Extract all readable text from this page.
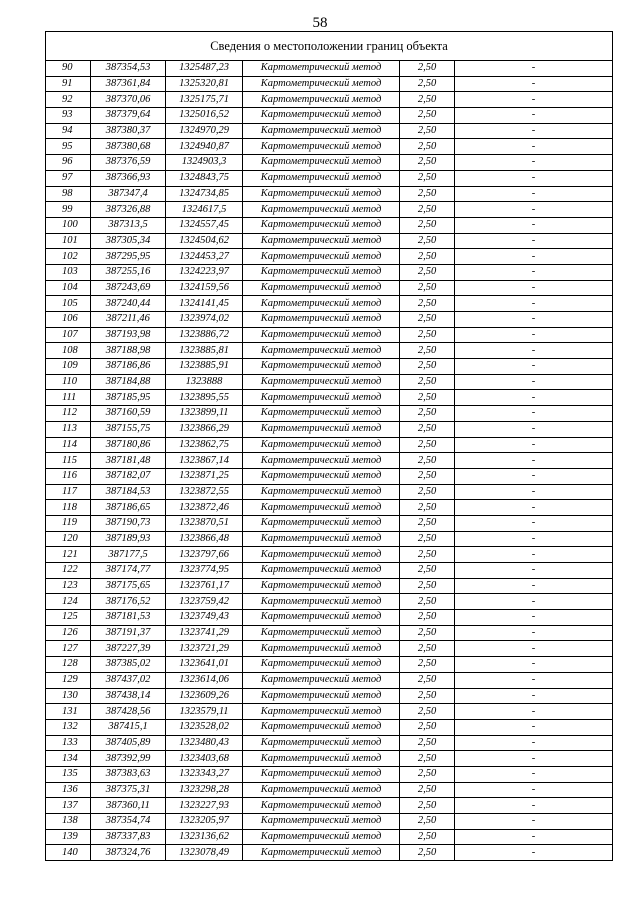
58
Сведения о местоположении границ объекта					
90	387354,53	1325487,23	Картометрический метод	2,50	-
91	387361,84	1325320,81	Картометрический метод	2,50	-
92	387370,06	1325175,71	Картометрический метод	2,50	-
93	387379,64	1325016,52	Картометрический метод	2,50	-
94	387380,37	1324970,29	Картометрический метод	2,50	-
95	387380,68	1324940,87	Картометрический метод	2,50	-
96	387376,59	1324903,3	Картометрический метод	2,50	-
97	387366,93	1324843,75	Картометрический метод	2,50	-
98	387347,4	1324734,85	Картометрический метод	2,50	-
99	387326,88	1324617,5	Картометрический метод	2,50	-
100	387313,5	1324557,45	Картометрический метод	2,50	-
101	387305,34	1324504,62	Картометрический метод	2,50	-
102	387295,95	1324453,27	Картометрический метод	2,50	-
103	387255,16	1324223,97	Картометрический метод	2,50	-
104	387243,69	1324159,56	Картометрический метод	2,50	-
105	387240,44	1324141,45	Картометрический метод	2,50	-
106	387211,46	1323974,02	Картометрический метод	2,50	-
107	387193,98	1323886,72	Картометрический метод	2,50	-
108	387188,98	1323885,81	Картометрический метод	2,50	-
109	387186,86	1323885,91	Картометрический метод	2,50	-
110	387184,88	1323888	Картометрический метод	2,50	-
111	387185,95	1323895,55	Картометрический метод	2,50	-
112	387160,59	1323899,11	Картометрический метод	2,50	-
113	387155,75	1323866,29	Картометрический метод	2,50	-
114	387180,86	1323862,75	Картометрический метод	2,50	-
115	387181,48	1323867,14	Картометрический метод	2,50	-
116	387182,07	1323871,25	Картометрический метод	2,50	-
117	387184,53	1323872,55	Картометрический метод	2,50	-
118	387186,65	1323872,46	Картометрический метод	2,50	-
119	387190,73	1323870,51	Картометрический метод	2,50	-
120	387189,93	1323866,48	Картометрический метод	2,50	-
121	387177,5	1323797,66	Картометрический метод	2,50	-
122	387174,77	1323774,95	Картометрический метод	2,50	-
123	387175,65	1323761,17	Картометрический метод	2,50	-
124	387176,52	1323759,42	Картометрический метод	2,50	-
125	387181,53	1323749,43	Картометрический метод	2,50	-
126	387191,37	1323741,29	Картометрический метод	2,50	-
127	387227,39	1323721,29	Картометрический метод	2,50	-
128	387385,02	1323641,01	Картометрический метод	2,50	-
129	387437,02	1323614,06	Картометрический метод	2,50	-
130	387438,14	1323609,26	Картометрический метод	2,50	-
131	387428,56	1323579,11	Картометрический метод	2,50	-
132	387415,1	1323528,02	Картометрический метод	2,50	-
133	387405,89	1323480,43	Картометрический метод	2,50	-
134	387392,99	1323403,68	Картометрический метод	2,50	-
135	387383,63	1323343,27	Картометрический метод	2,50	-
136	387375,31	1323298,28	Картометрический метод	2,50	-
137	387360,11	1323227,93	Картометрический метод	2,50	-
138	387354,74	1323205,97	Картометрический метод	2,50	-
139	387337,83	1323136,62	Картометрический метод	2,50	-
140	387324,76	1323078,49	Картометрический метод	2,50	-
